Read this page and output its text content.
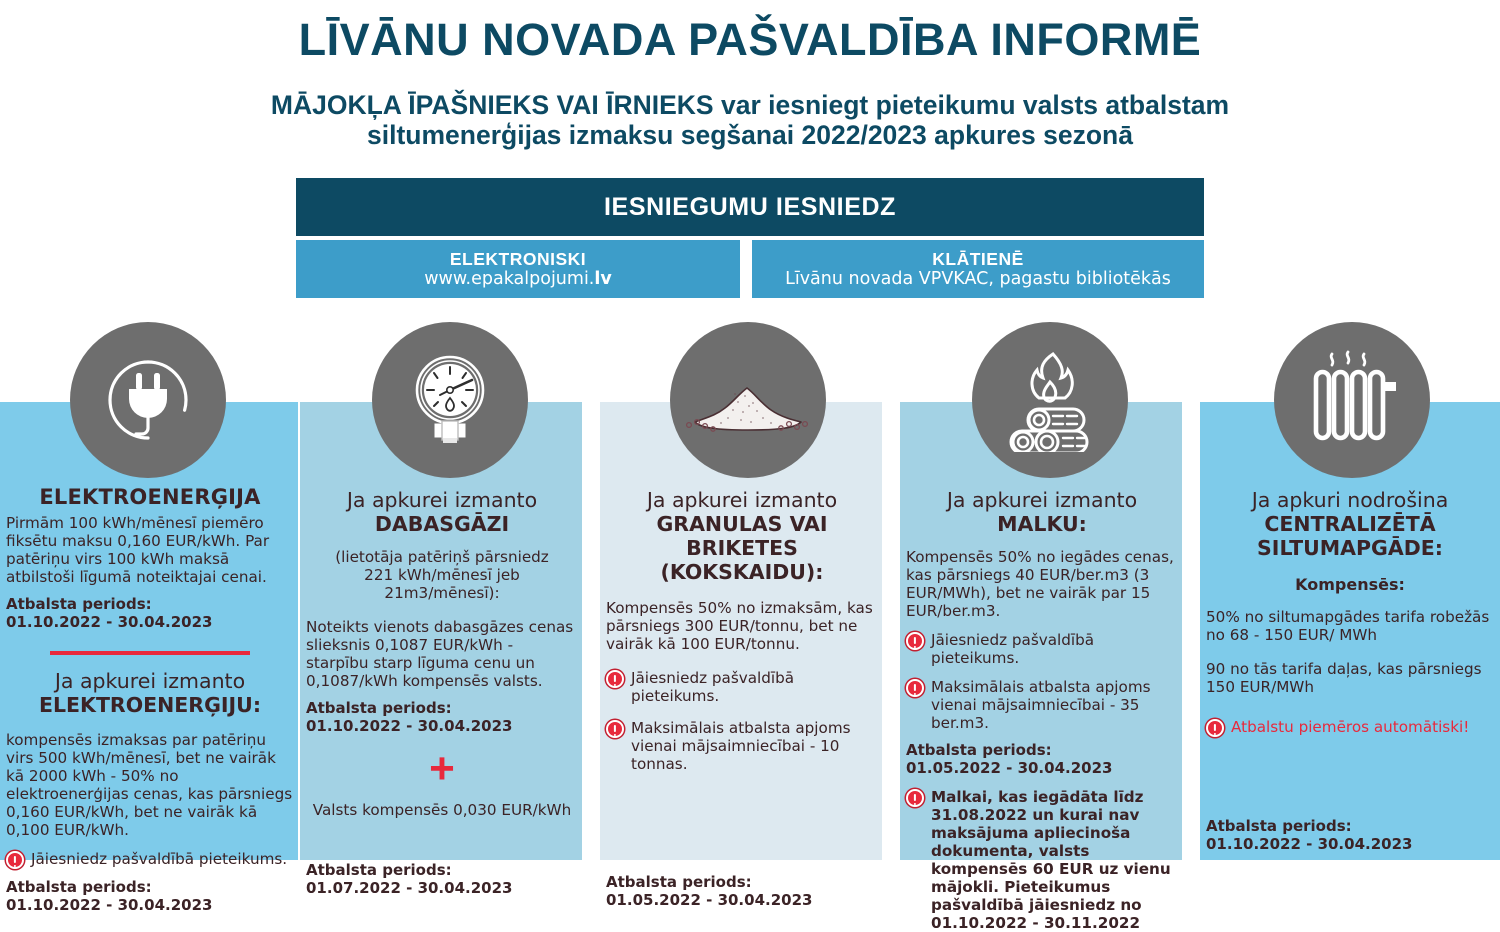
LĪVĀNU NOVADA PAŠVALDĪBA INFORMĒ
MĀJOKĻA ĪPAŠNIEKS VAI ĪRNIEKS var iesniegt pieteikumu valsts atbalstam
siltumenerģijas izmaksu segšanai 2022/2023 apkures sezonā
IESNIEGUMU IESNIEDZ
ELEKTRONISKI
www.epakalpojumi.lv
KLĀTIENĒ
Līvānu novada VPVKAC, pagastu bibliotēkās
ELEKTROENERĢIJA
Pirmām 100 kWh/mēnesī piemēro fiksētu maksu 0,160 EUR/kWh. Par patēriņu virs 100 kWh maksā atbilstoši līgumā noteiktajai cenai.
Atbalsta periods:
01.10.2022 - 30.04.2023
Ja apkurei izmanto
ELEKTROENERĢIJU:
kompensēs izmaksas par patēriņu virs 500 kWh/mēnesī, bet ne vairāk kā 2000 kWh - 50% no elektroenerģijas cenas, kas pārsniegs 0,160 EUR/kWh, bet ne vairāk kā 0,100 EUR/kWh.
Jāiesniedz pašvaldībā pieteikums.
Atbalsta periods:
01.10.2022 - 30.04.2023
Ja apkurei izmanto
DABASGĀZI
(lietotāja patēriņš pārsniedz
221 kWh/mēnesī jeb 21m3/mēnesī):
Noteikts vienots dabasgāzes cenas slieksnis 0,1087 EUR/kWh - starpību starp līguma cenu un 0,1087/kWh kompensēs valsts.
Atbalsta periods:
01.10.2022 - 30.04.2023
+
Valsts kompensēs 0,030 EUR/kWh
Atbalsta periods:
01.07.2022 - 30.04.2023
Ja apkurei izmanto
GRANULAS VAI
BRIKETES (KOKSKAIDU):
Kompensēs 50% no izmaksām, kas pārsniegs 300 EUR/tonnu, bet ne vairāk kā 100 EUR/tonnu.
Jāiesniedz pašvaldībā pieteikums.
Maksimālais atbalsta apjoms vienai mājsaimniecībai - 10 tonnas.
Atbalsta periods:
01.05.2022 - 30.04.2023
Ja apkurei izmanto
MALKU:
Kompensēs 50% no iegādes cenas, kas pārsniegs 40 EUR/ber.m3 (3 EUR/MWh), bet ne vairāk par 15 EUR/ber.m3.
Jāiesniedz pašvaldībā pieteikums.
Maksimālais atbalsta apjoms vienai mājsaimniecībai - 35 ber.m3.
Atbalsta periods:
01.05.2022 - 30.04.2023
Malkai, kas iegādāta līdz 31.08.2022 un kurai nav maksājuma apliecinoša dokumenta, valsts kompensēs 60 EUR uz vienu mājokli. Pieteikumus pašvaldībā jāiesniedz no 01.10.2022 - 30.11.2022
Ja apkuri nodrošina
CENTRALIZĒTĀ
SILTUMAPGĀDE:
Kompensēs:
50% no siltumapgādes tarifa robežās no 68 - 150 EUR/ MWh
90 no tās tarifa daļas, kas pārsniegs 150 EUR/MWh
Atbalstu piemēros automātiski!
Atbalsta periods:
01.10.2022 - 30.04.2023
